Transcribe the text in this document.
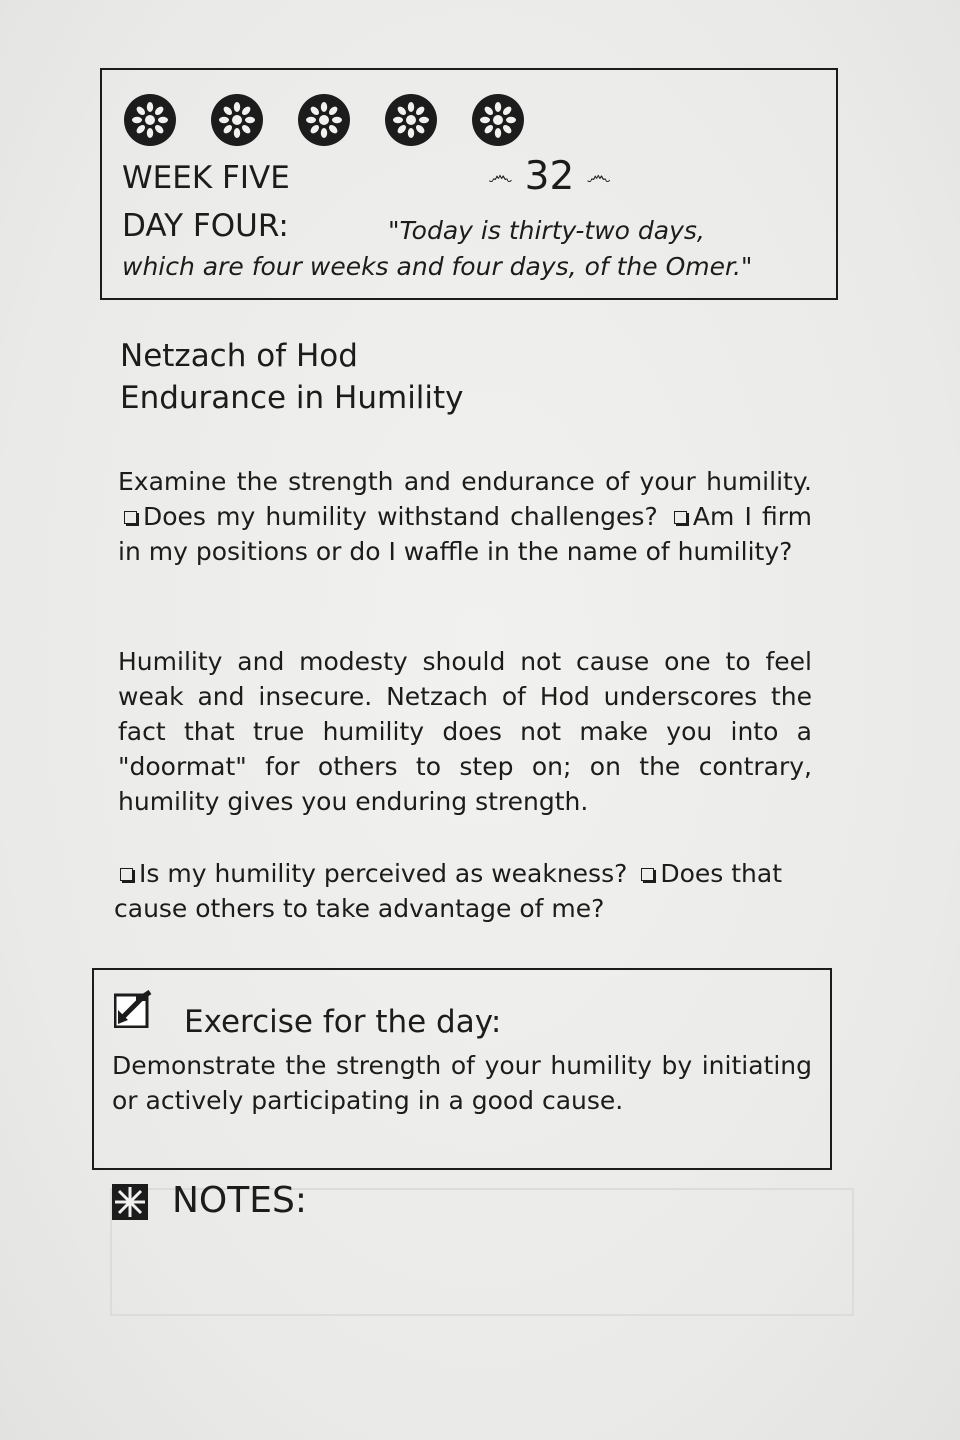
WEEK FIVE	෴ 32 ෴
DAY FOUR:	"Today is thirty-two days,
which are four weeks and four days, of the Omer."
Netzach of Hod
Endurance in Humility

Examine the strength and endurance of your humility. Does my humility withstand challenges? Am I firm in my positions or do I waffle in the name of humility?

Humility and modesty should not cause one to feel weak and insecure. Netzach of Hod underscores the fact that true humility does not make you into a "doormat" for others to step on; on the contrary, humility gives you enduring strength.

Is my humility perceived as weakness? Does that cause others to take advantage of me?

Exercise for the day:

Demonstrate the strength of your humility by initiating or actively participating in a good cause.

NOTES:
